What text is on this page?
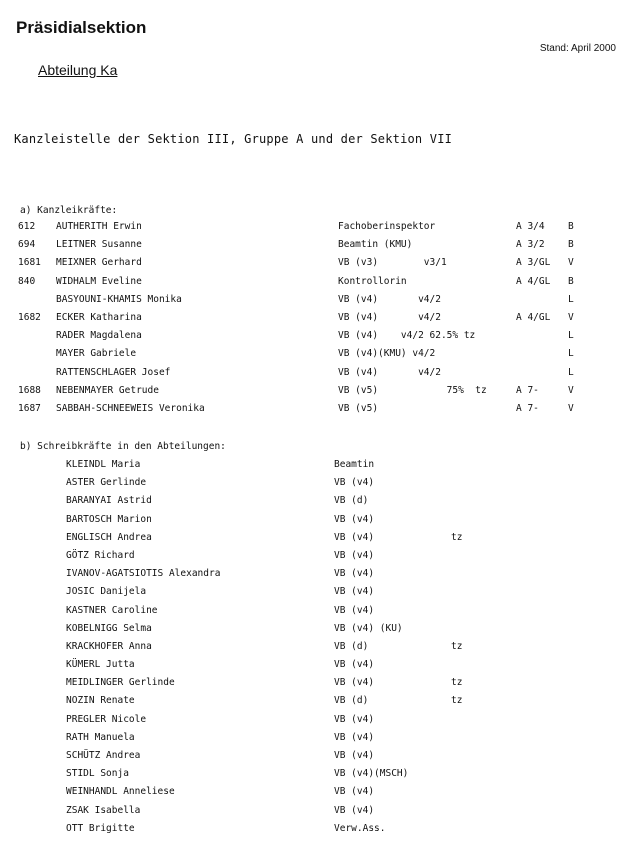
Präsidialsektion
Stand: April 2000
Abteilung Ka
Kanzleistelle der Sektion III, Gruppe A und der Sektion VII
a) Kanzleikräfte:
612 AUTHERITH Erwin	Fachoberinspektor	A 3/4 B
694 LEITNER Susanne	Beamtin (KMU)	A 3/2 B
1681 MEIXNER Gerhard	VB (v3)        v3/1	A 3/GL V
840 WIDHALM Eveline	Kontrollorin	A 4/GL B
BASYOUNI-KHAMIS Monika	VB (v4)       v4/2	L
1682 ECKER Katharina	VB (v4)       v4/2	A 4/GL V
RADER Magdalena	VB (v4)    v4/2 62.5% tz	L
MAYER Gabriele	VB (v4)(KMU) v4/2	L
RATTENSCHLAGER Josef	VB (v4)       v4/2	L
1688 NEBENMAYER Getrude	VB (v5)            75%  tz	A 7-	V
1687 SABBAH-SCHNEEWEIS Veronika	VB (v5)	A 7-	V
b) Schreibkräfte in den Abteilungen:
KLEINDL Maria	Beamtin
ASTER Gerlinde	VB (v4)
BARANYAI Astrid	VB (d)
BARTOSCH Marion	VB (v4)
ENGLISCH Andrea	VB (v4)	tz
GÖTZ Richard	VB (v4)
IVANOV-AGATSIOTIS Alexandra	VB (v4)
JOSIC Danijela	VB (v4)
KASTNER Caroline	VB (v4)
KOBELNIGG Selma	VB (v4) (KU)
KRACKHOFER Anna	VB (d)	tz
KÜMERL Jutta	VB (v4)
MEIDLINGER Gerlinde	VB (v4)	tz
NOZIN Renate	VB (d)	tz
PREGLER Nicole	VB (v4)
RATH Manuela	VB (v4)
SCHÜTZ Andrea	VB (v4)
STIDL Sonja	VB (v4)(MSCH)
WEINHANDL Anneliese	VB (v4)
ZSAK Isabella	VB (v4)
OTT Brigitte	Verw.Ass.
